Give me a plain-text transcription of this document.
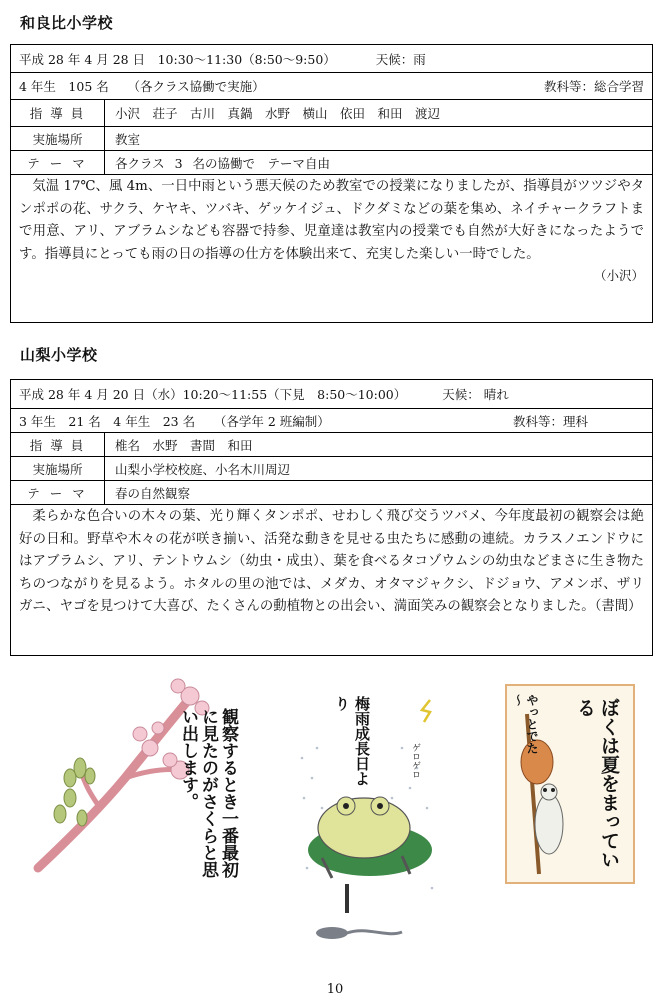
和良比小学校
平成 28 年 4 月 28 日　10:30～11:30（8:50～9:50）	天候：雨
4 年生　105 名　　（各クラス協働で実施）	教科等：総合学習
指 導 員	小沢　荘子　古川　真鍋　水野　横山　依田　和田　渡辺
実施場所	教室
テ ー マ	各クラス 3 名の協働で　テーマ自由
気温 17℃、風 4m、一日中雨という悪天候のため教室での授業になりましたが、指導員がツツジやタンポポの花、サクラ、ケヤキ、ツバキ、ゲッケイジュ、ドクダミなどの葉を集め、ネイチャークラフトまで用意、アリ、アブラムシなども容器で持参、児童達は教室内の授業でも自然が大好きになったようです。指導員にとっても雨の日の指導の仕方を体験出来て、充実した楽しい一時でした。
（小沢）
山梨小学校
平成 28 年 4 月 20 日（水）10:20～11:55（下見　8:50～10:00）	天候： 晴れ
3 年生　21 名　4 年生　23 名　　（各学年 2 班編制）	教科等：理科
指 導 員	椎名　水野　書間　和田
実施場所	山梨小学校校庭、小名木川周辺
テ ー マ	春の自然観察
柔らかな色合いの木々の葉、光り輝くタンポポ、せわしく飛び交うツバメ、今年度最初の観察会は絶好の日和。野草や木々の花が咲き揃い、活発な動きを見せる虫たちに感動の連続。カラスノエンドウにはアブラムシ、アリ、テントウムシ（幼虫・成虫）、葉を食べるタコゾウムシの幼虫などまさに生き物たちのつながりを見るよう。ホタルの里の池では、メダカ、オタマジャクシ、ドジョウ、アメンボ、ザリガニ、ヤゴを見つけて大喜び、たくさんの動植物との出会い、満面笑みの観察会となりました。（書間）
観察するとき一番最初に見たのがさくらと思い出します。	梅雨成長日より
ゲロゲロ
やっとでた～	ぼくは夏をまっている
10
